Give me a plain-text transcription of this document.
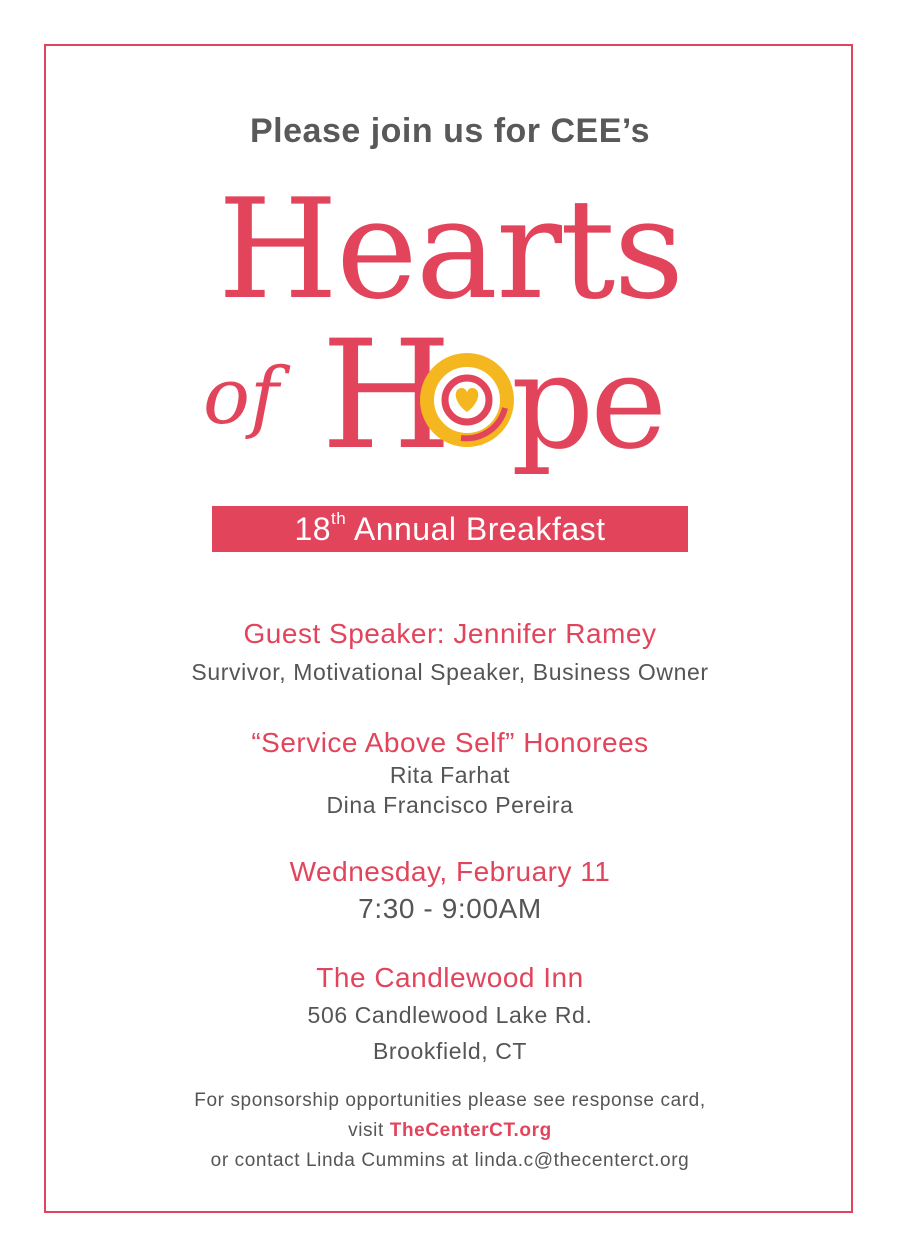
Please join us for CEE’s

Hearts
of H pe
18th Annual Breakfast

Guest Speaker: Jennifer Ramey

Survivor, Motivational Speaker, Business Owner

“Service Above Self” Honorees

Rita Farhat

Dina Francisco Pereira

Wednesday, February 11

7:30 - 9:00AM

The Candlewood Inn

506 Candlewood Lake Rd.

Brookfield, CT

For sponsorship opportunities please see response card,

visit TheCenterCT.org

or contact Linda Cummins at linda.c@thecenterct.org
